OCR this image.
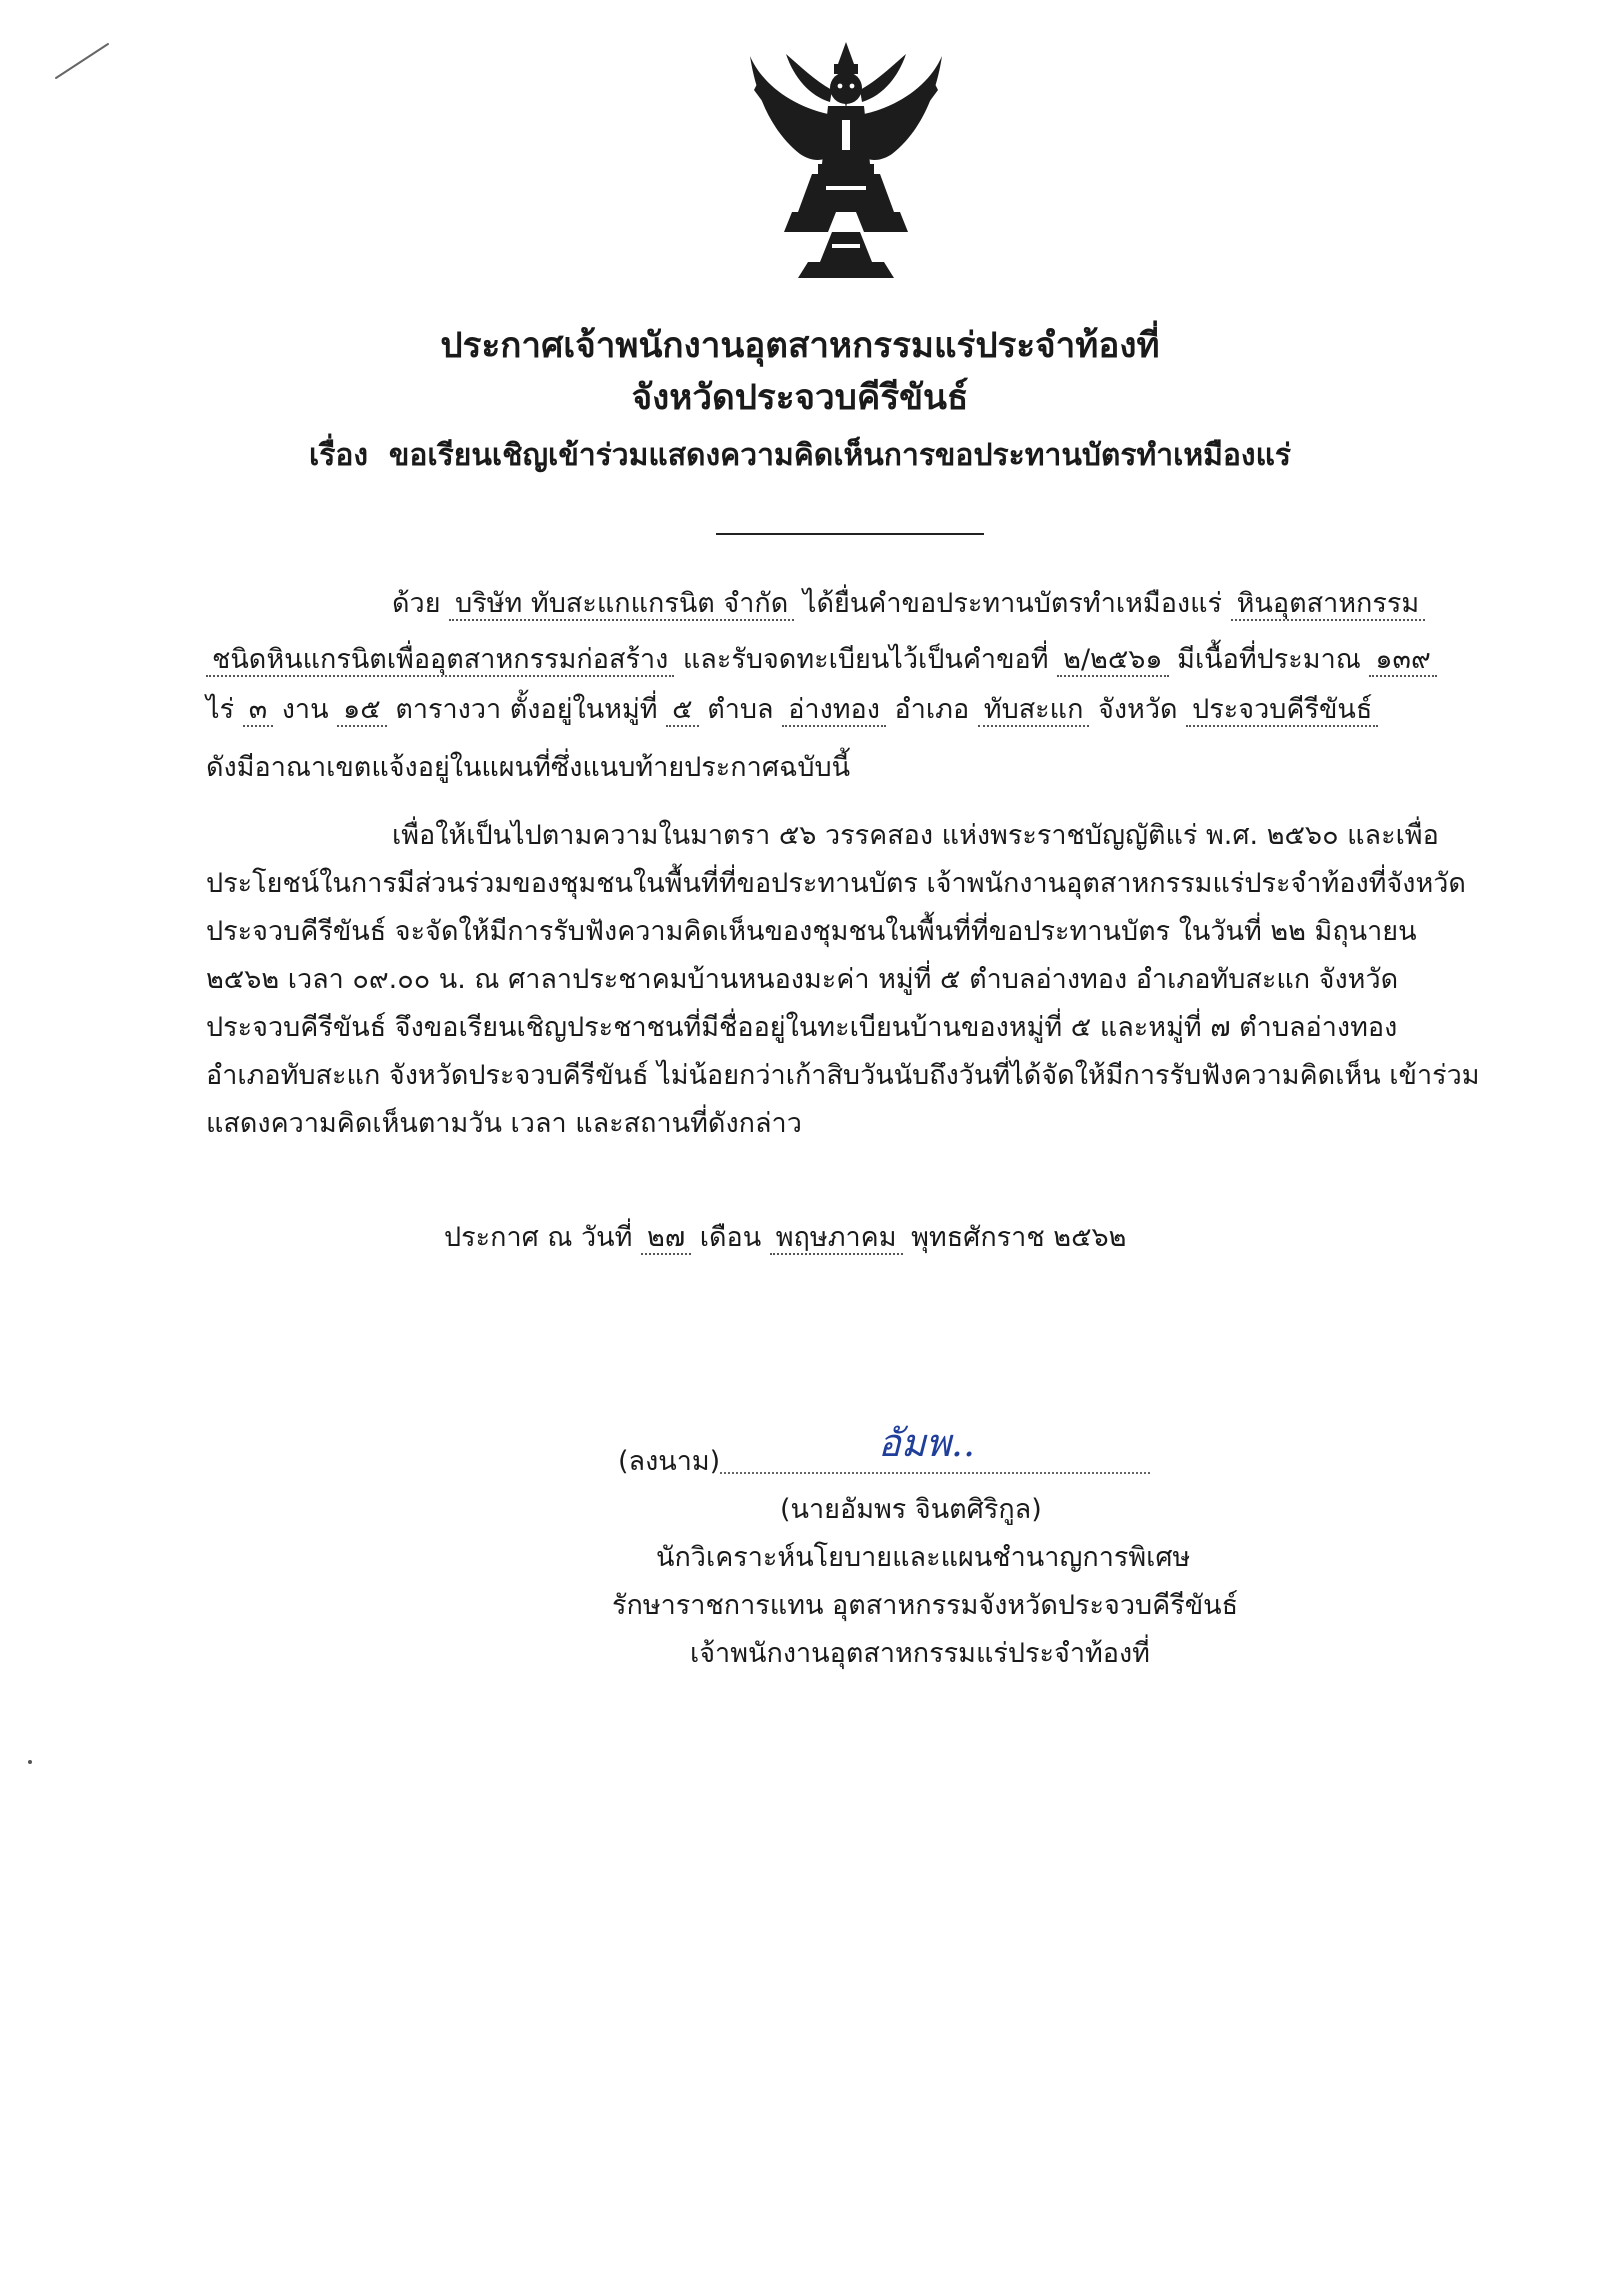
ประกาศเจ้าพนักงานอุตสาหกรรมแร่ประจำท้องที่
จังหวัดประจวบคีรีขันธ์
เรื่อง ขอเรียนเชิญเข้าร่วมแสดงความคิดเห็นการขอประทานบัตรทำเหมืองแร่
ด้วย บริษัท ทับสะแกแกรนิต จำกัด ได้ยื่นคำขอประทานบัตรทำเหมืองแร่ หินอุตสาหกรรม
ชนิดหินแกรนิตเพื่ออุตสาหกรรมก่อสร้าง และรับจดทะเบียนไว้เป็นคำขอที่ ๒/๒๕๖๑ มีเนื้อที่ประมาณ ๑๓๙
ไร่ ๓ งาน ๑๕ ตารางวา ตั้งอยู่ในหมู่ที่ ๕ ตำบล อ่างทอง อำเภอ ทับสะแก จังหวัด ประจวบคีรีขันธ์
ดังมีอาณาเขตแจ้งอยู่ในแผนที่ซึ่งแนบท้ายประกาศฉบับนี้
เพื่อให้เป็นไปตามความในมาตรา ๕๖ วรรคสอง แห่งพระราชบัญญัติแร่ พ.ศ. ๒๕๖๐ และเพื่อ
ประโยชน์ในการมีส่วนร่วมของชุมชนในพื้นที่ที่ขอประทานบัตร เจ้าพนักงานอุตสาหกรรมแร่ประจำท้องที่จังหวัด
ประจวบคีรีขันธ์ จะจัดให้มีการรับฟังความคิดเห็นของชุมชนในพื้นที่ที่ขอประทานบัตร ในวันที่ ๒๒ มิถุนายน
๒๕๖๒ เวลา ๐๙.๐๐ น. ณ ศาลาประชาคมบ้านหนองมะค่า หมู่ที่ ๕ ตำบลอ่างทอง อำเภอทับสะแก จังหวัด
ประจวบคีรีขันธ์ จึงขอเรียนเชิญประชาชนที่มีชื่ออยู่ในทะเบียนบ้านของหมู่ที่ ๕ และหมู่ที่ ๗ ตำบลอ่างทอง
อำเภอทับสะแก จังหวัดประจวบคีรีขันธ์ ไม่น้อยกว่าเก้าสิบวันนับถึงวันที่ได้จัดให้มีการรับฟังความคิดเห็น เข้าร่วม
แสดงความคิดเห็นตามวัน เวลา และสถานที่ดังกล่าว
ประกาศ ณ วันที่ ๒๗ เดือน พฤษภาคม พุทธศักราช ๒๕๖๒
(ลงนาม)	อัมพ..
(นายอัมพร จินตศิริกูล)
นักวิเคราะห์นโยบายและแผนชำนาญการพิเศษ
รักษาราชการแทน อุตสาหกรรมจังหวัดประจวบคีรีขันธ์
เจ้าพนักงานอุตสาหกรรมแร่ประจำท้องที่
